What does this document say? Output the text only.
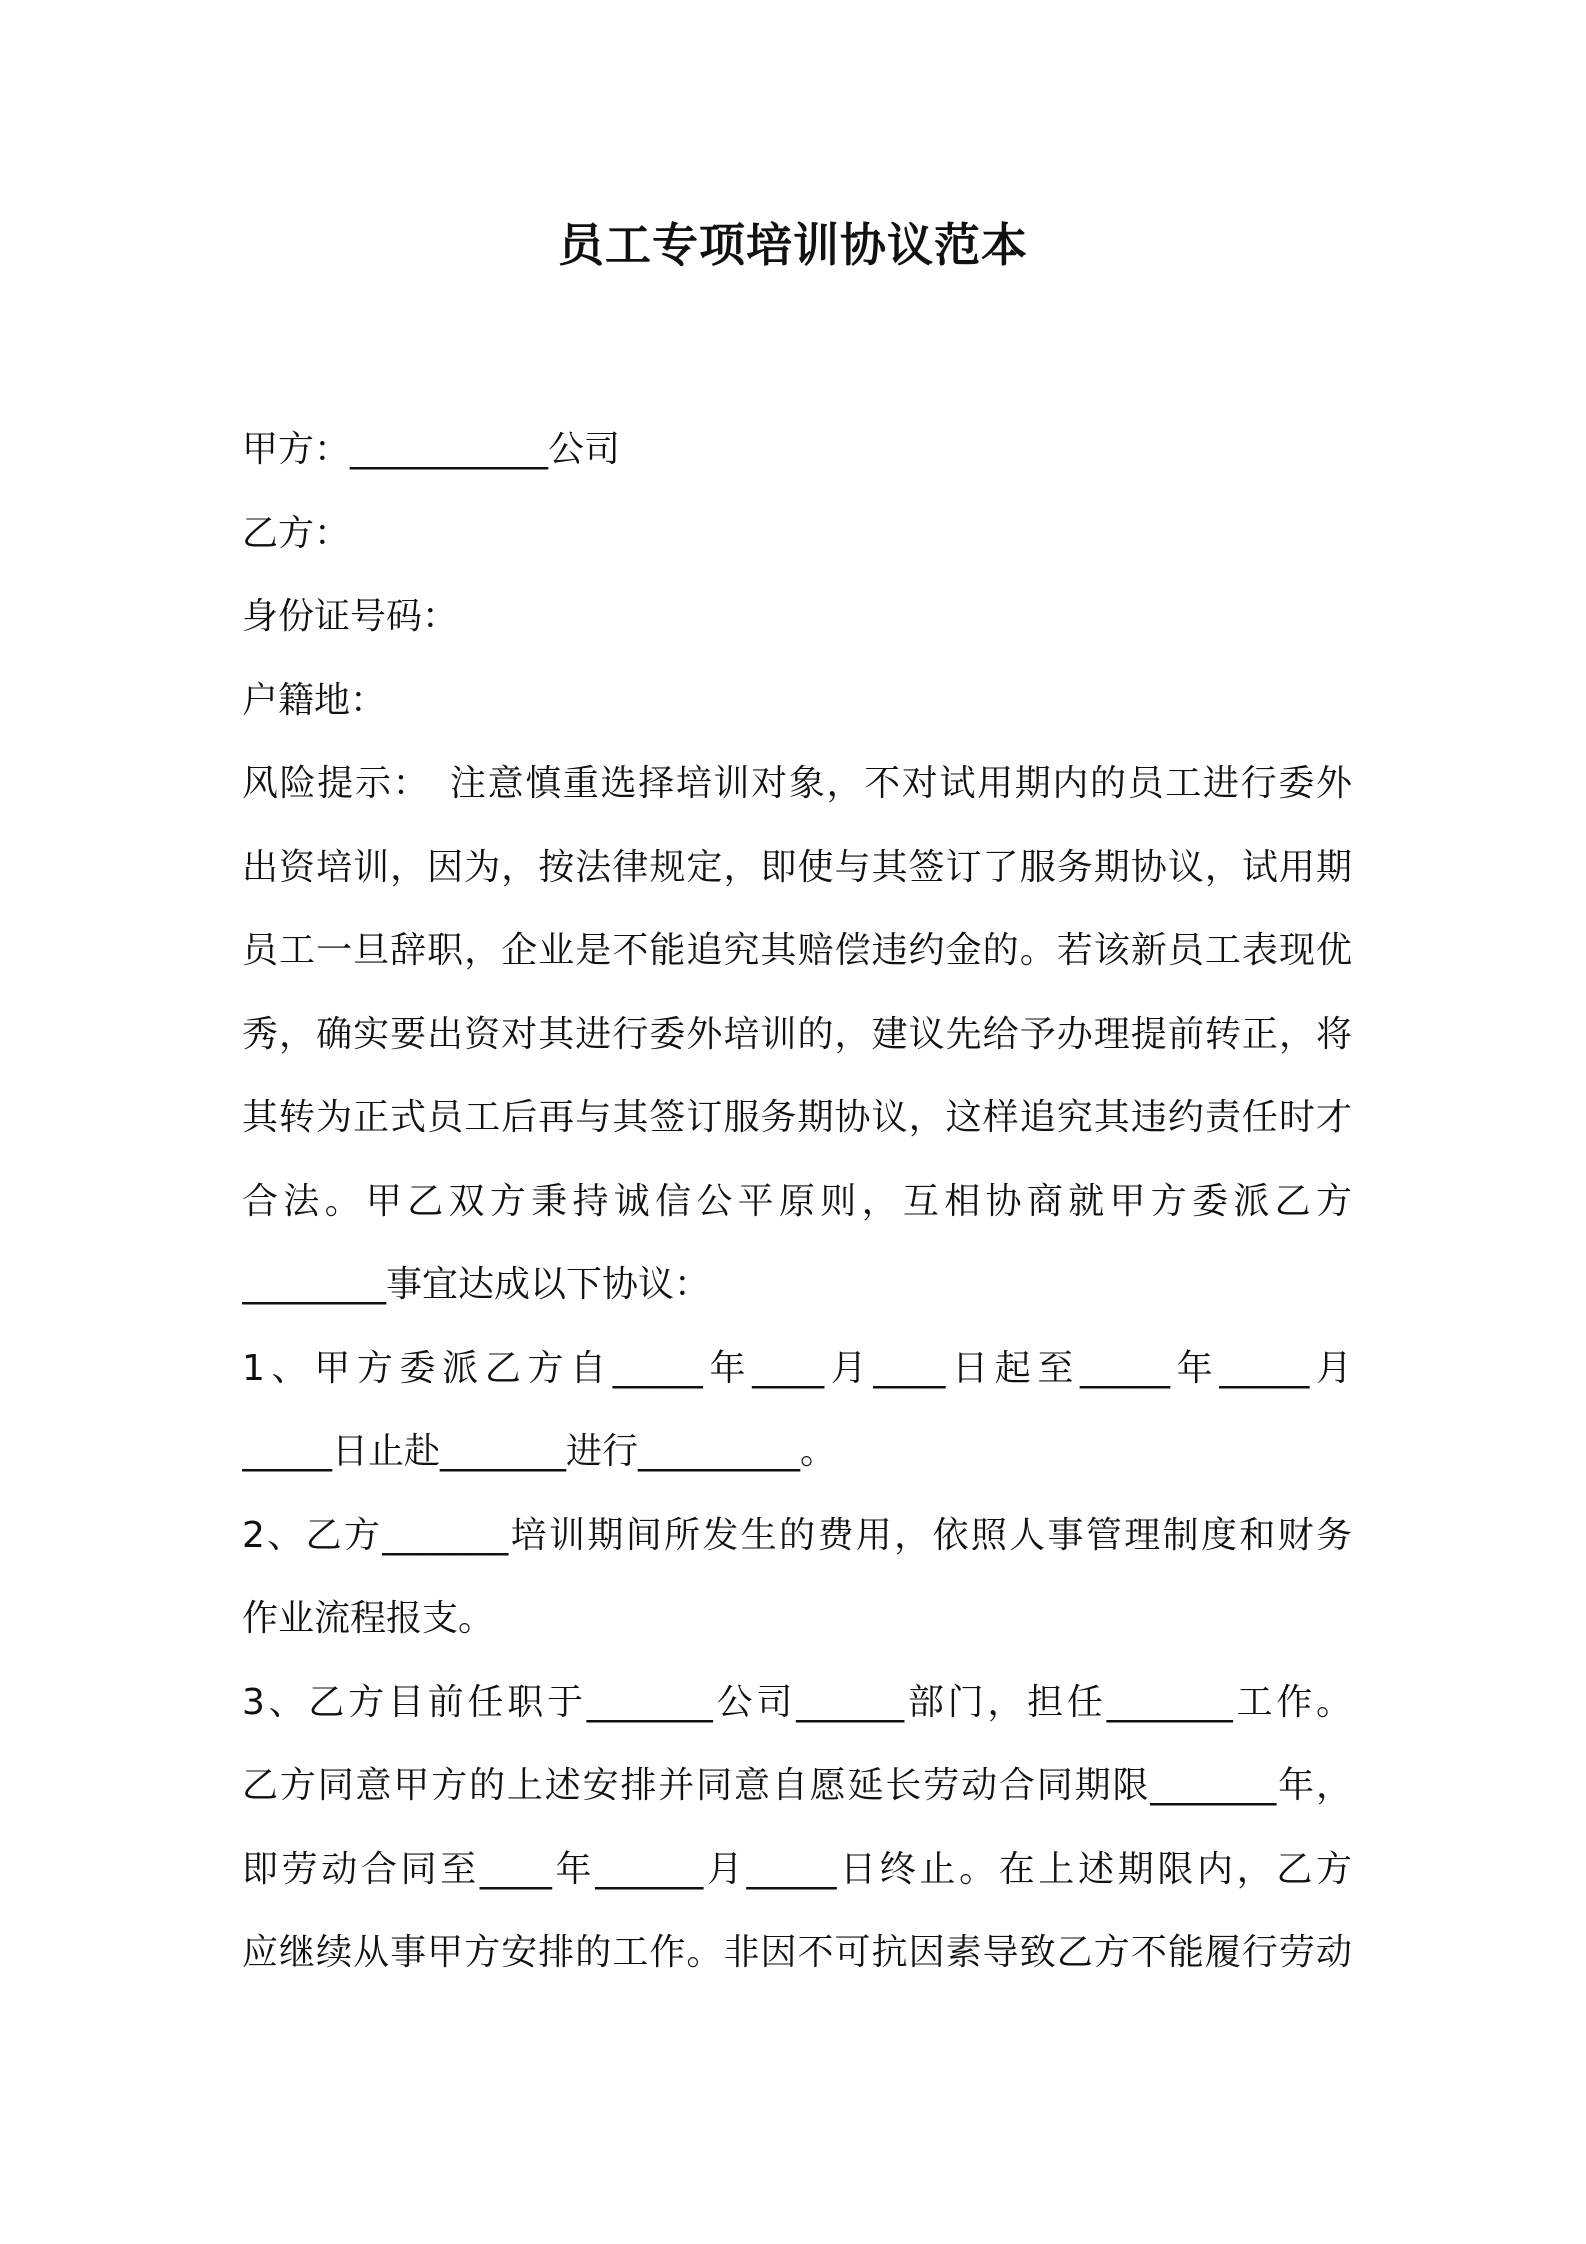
员工专项培训协议范本
甲方：___________公司
乙方：
身份证号码：
户籍地：
风险提示：　注意慎重选择培训对象，不对试用期内的员工进行委外
出资培训，因为，按法律规定，即使与其签订了服务期协议，试用期
员工一旦辞职，企业是不能追究其赔偿违约金的。若该新员工表现优
秀，确实要出资对其进行委外培训的，建议先给予办理提前转正，将
其转为正式员工后再与其签订服务期协议，这样追究其违约责任时才
合法。甲乙双方秉持诚信公平原则，互相协商就甲方委派乙方
________事宜达成以下协议：
1、甲方委派乙方自_____年____月____日起至_____年_____月
_____日止赴_______进行_________。
2、乙方_______培训期间所发生的费用，依照人事管理制度和财务
作业流程报支。
3、乙方目前任职于_______公司______部门，担任_______工作。
乙方同意甲方的上述安排并同意自愿延长劳动合同期限_______年，
即劳动合同至____年______月_____日终止。在上述期限内，乙方
应继续从事甲方安排的工作。非因不可抗因素导致乙方不能履行劳动
